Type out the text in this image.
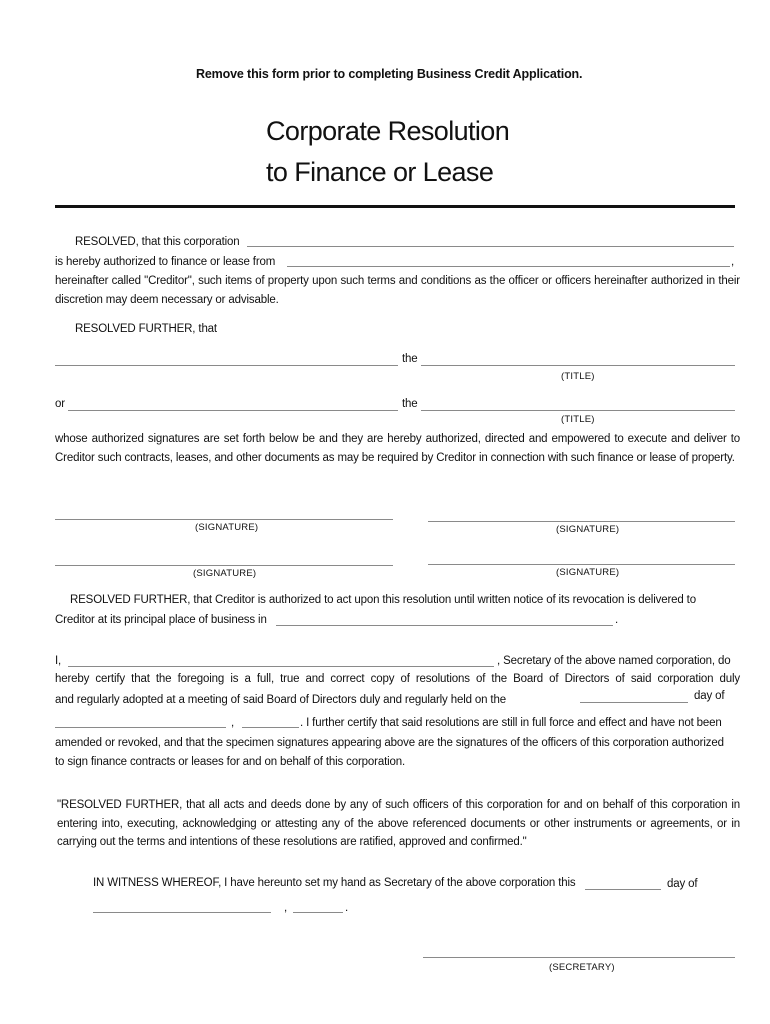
Remove this form prior to completing Business Credit Application.
Corporate Resolution
to Finance or Lease
RESOLVED, that this corporation
is hereby authorized to finance or lease from	,
hereinafter called "Creditor", such items of property upon such terms and conditions as the officer or officers hereinafter authorized in their discretion may deem necessary or advisable.
RESOLVED FURTHER, that
the
(TITLE)
or	the
(TITLE)
whose authorized signatures are set forth below be and they are hereby authorized, directed and empowered to execute and deliver to Creditor such contracts, leases, and other documents as may be required by Creditor in connection with such finance or lease of property.
(SIGNATURE)	(SIGNATURE)
(SIGNATURE)	(SIGNATURE)
RESOLVED FURTHER, that Creditor is authorized to act upon this resolution until written notice of its revocation is delivered to
Creditor at its principal place of business in	.
I,	, Secretary of the above named corporation, do
hereby certify that the foregoing is a full, true and correct copy of resolutions of the Board of Directors of said corporation duly
and regularly adopted at a meeting of said Board of Directors duly and regularly held on the	day of
,	. I further certify that said resolutions are still in full force and effect and have not been
amended or revoked, and that the specimen signatures appearing above are the signatures of the officers of this corporation authorized
to sign finance contracts or leases for and on behalf of this corporation.
"RESOLVED FURTHER, that all acts and deeds done by any of such officers of this corporation for and on behalf of this corporation in entering into, executing, acknowledging or attesting any of the above referenced documents or other instruments or agreements, or in carrying out the terms and intentions of these resolutions are ratified, approved and confirmed."
IN WITNESS WHEREOF, I have hereunto set my hand as Secretary of the above corporation this	day of
,	.
(SECRETARY)
